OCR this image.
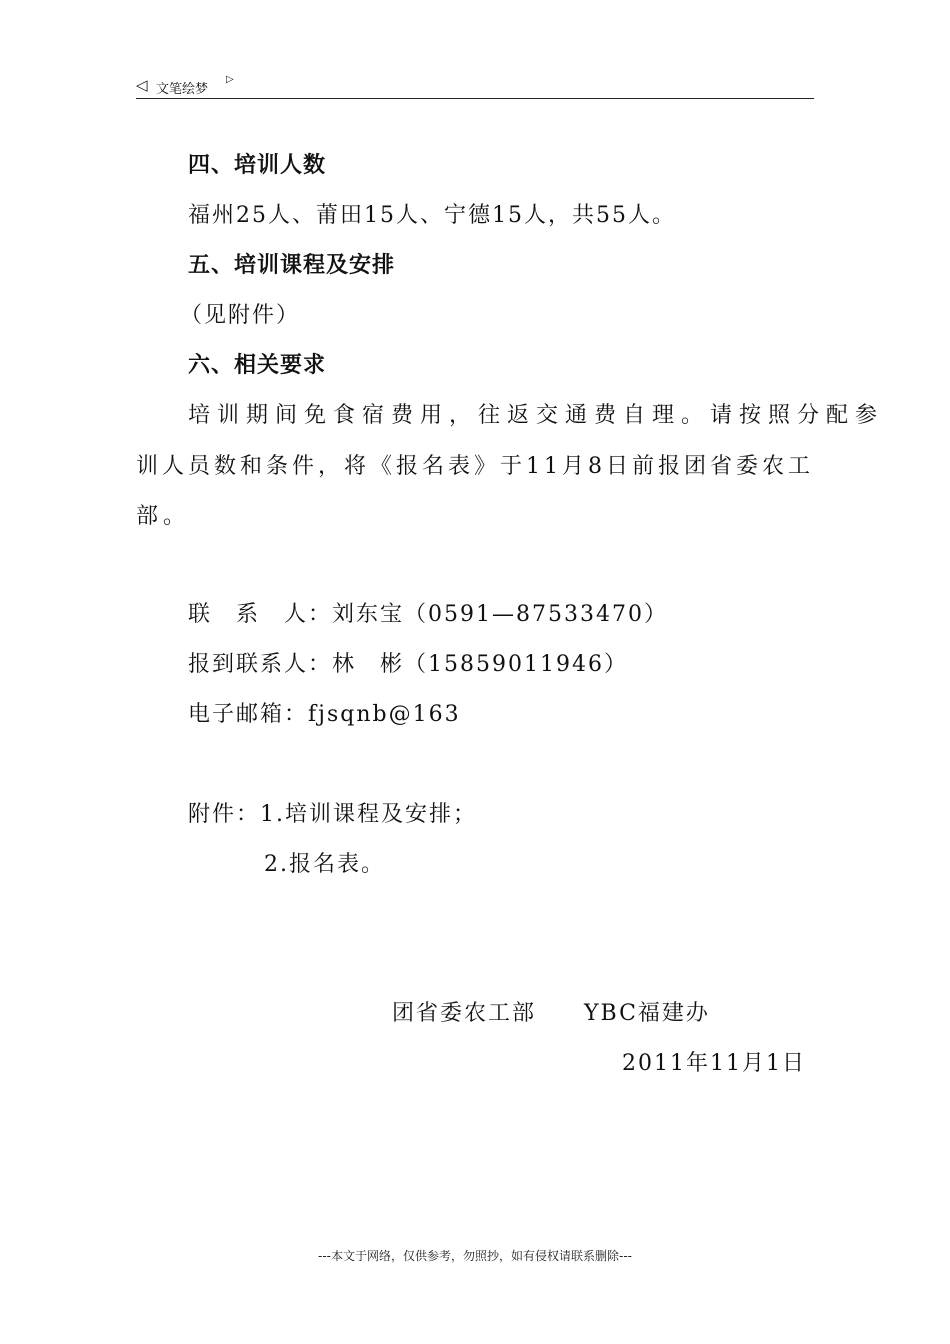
◁ 文笔绘梦
▷
四、培训人数
福州25人、莆田15人、宁德15人，共55人。
五、培训课程及安排
（见附件）
六、相关要求
培训期间免食宿费用，往返交通费自理。请按照分配参
训人员数和条件，将《报名表》于11月8日前报团省委农工
部。
联　系　人：刘东宝（0591—87533470）
报到联系人：林　彬（15859011946）
电子邮箱：fjsqnb@163
附件：1.培训课程及安排；
2.报名表。
团省委农工部　　YBC福建办
2011年11月1日
---本文于网络，仅供参考，勿照抄，如有侵权请联系删除---
